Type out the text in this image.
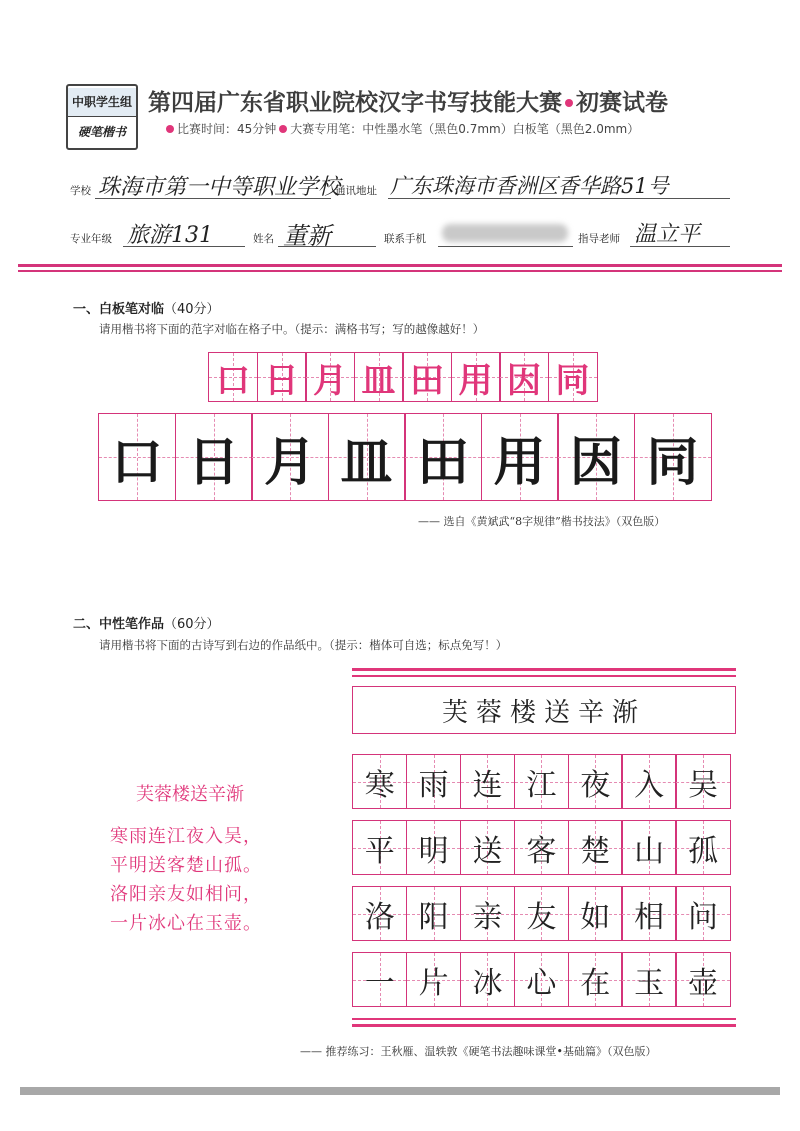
中职学生组
硬笔楷书
第四届广东省职业院校汉字书写技能大赛 初赛试卷
比赛时间：45分钟 大赛专用笔：中性墨水笔（黑色0.7mm）白板笔（黑色2.0mm）
学校 珠海市第一中等职业学校
通讯地址 广东珠海市香洲区香华路51号
专业年级 旅游131	姓名 董新	联系手机	指导老师 温立平
一、白板笔对临（40分）
请用楷书将下面的范字对临在格子中。（提示：满格书写；写的越像越好！）
口 日 月 皿 田 用 因 同
口 日 月 皿 田 用 因 同
—— 选自《黄斌武“8字规律”楷书技法》（双色版）
二、中性笔作品（60分）
请用楷书将下面的古诗写到右边的作品纸中。（提示：楷体可自选；标点免写！）
芙蓉楼送辛渐
寒雨连江夜入吴，
平明送客楚山孤。
洛阳亲友如相问，
一片冰心在玉壶。
芙蓉楼送辛渐
寒 雨 连 江 夜 入 吴
平 明 送 客 楚 山 孤
洛 阳 亲 友 如 相 问
一 片 冰 心 在 玉 壶
—— 推荐练习：王秋雁、温轶敦《硬笔书法趣味课堂•基础篇》（双色版）
